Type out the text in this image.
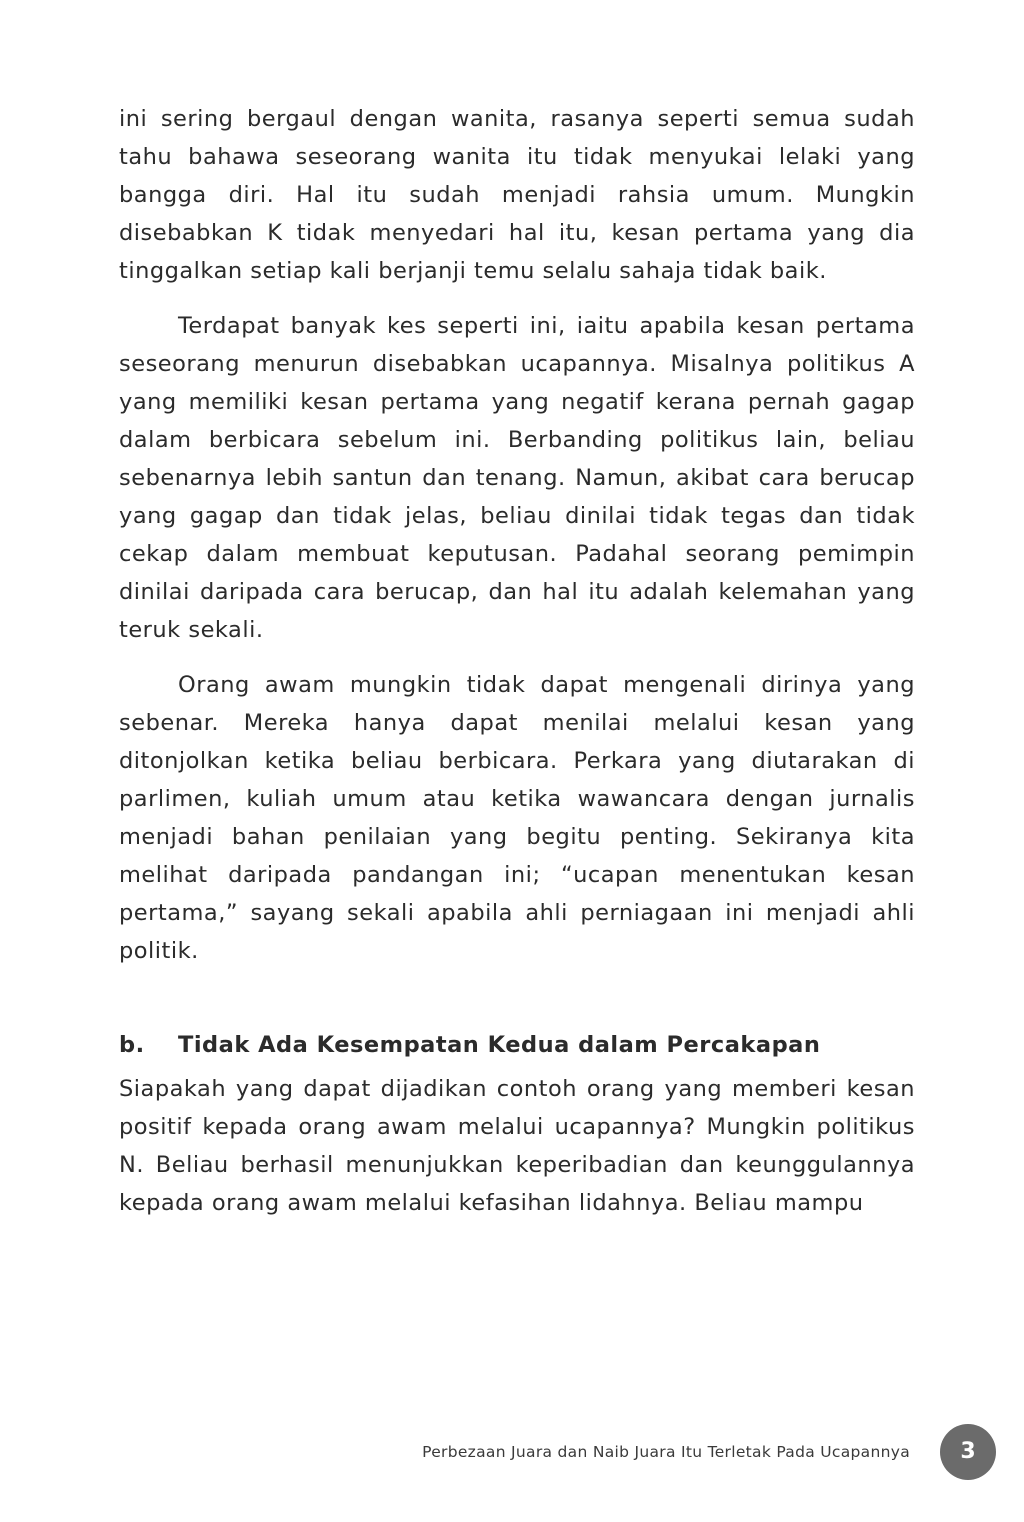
ini sering bergaul dengan wanita, rasanya seperti semua sudah tahu bahawa seseorang wanita itu tidak menyukai lelaki yang bangga diri. Hal itu sudah menjadi rahsia umum. Mungkin disebabkan K tidak menyedari hal itu, kesan pertama yang dia tinggalkan setiap kali berjanji temu selalu sahaja tidak baik.

Terdapat banyak kes seperti ini, iaitu apabila kesan pertama seseorang menurun disebabkan ucapannya. Misalnya politikus A yang memiliki kesan pertama yang negatif kerana pernah gagap dalam berbicara sebelum ini. Berbanding politikus lain, beliau sebenarnya lebih santun dan tenang. Namun, akibat cara berucap yang gagap dan tidak jelas, beliau dinilai tidak tegas dan tidak cekap dalam membuat keputusan. Padahal seorang pemimpin dinilai daripada cara berucap, dan hal itu adalah kelemahan yang teruk sekali.

Orang awam mungkin tidak dapat mengenali dirinya yang sebenar. Mereka hanya dapat menilai melalui kesan yang ditonjolkan ketika beliau berbicara. Perkara yang diutarakan di parlimen, kuliah umum atau ketika wawancara dengan jurnalis menjadi bahan penilaian yang begitu penting. Sekiranya kita melihat daripada pandangan ini; “ucapan menentukan kesan pertama,” sayang sekali apabila ahli perniagaan ini menjadi ahli politik.

b.	Tidak Ada Kesempatan Kedua dalam Percakapan

Siapakah yang dapat dijadikan contoh orang yang memberi kesan positif kepada orang awam melalui ucapannya? Mungkin politikus N. Beliau berhasil menunjukkan keperibadian dan keunggulannya kepada orang awam melalui kefasihan lidahnya. Beliau mampu

Perbezaan Juara dan Naib Juara Itu Terletak Pada Ucapannya	3
